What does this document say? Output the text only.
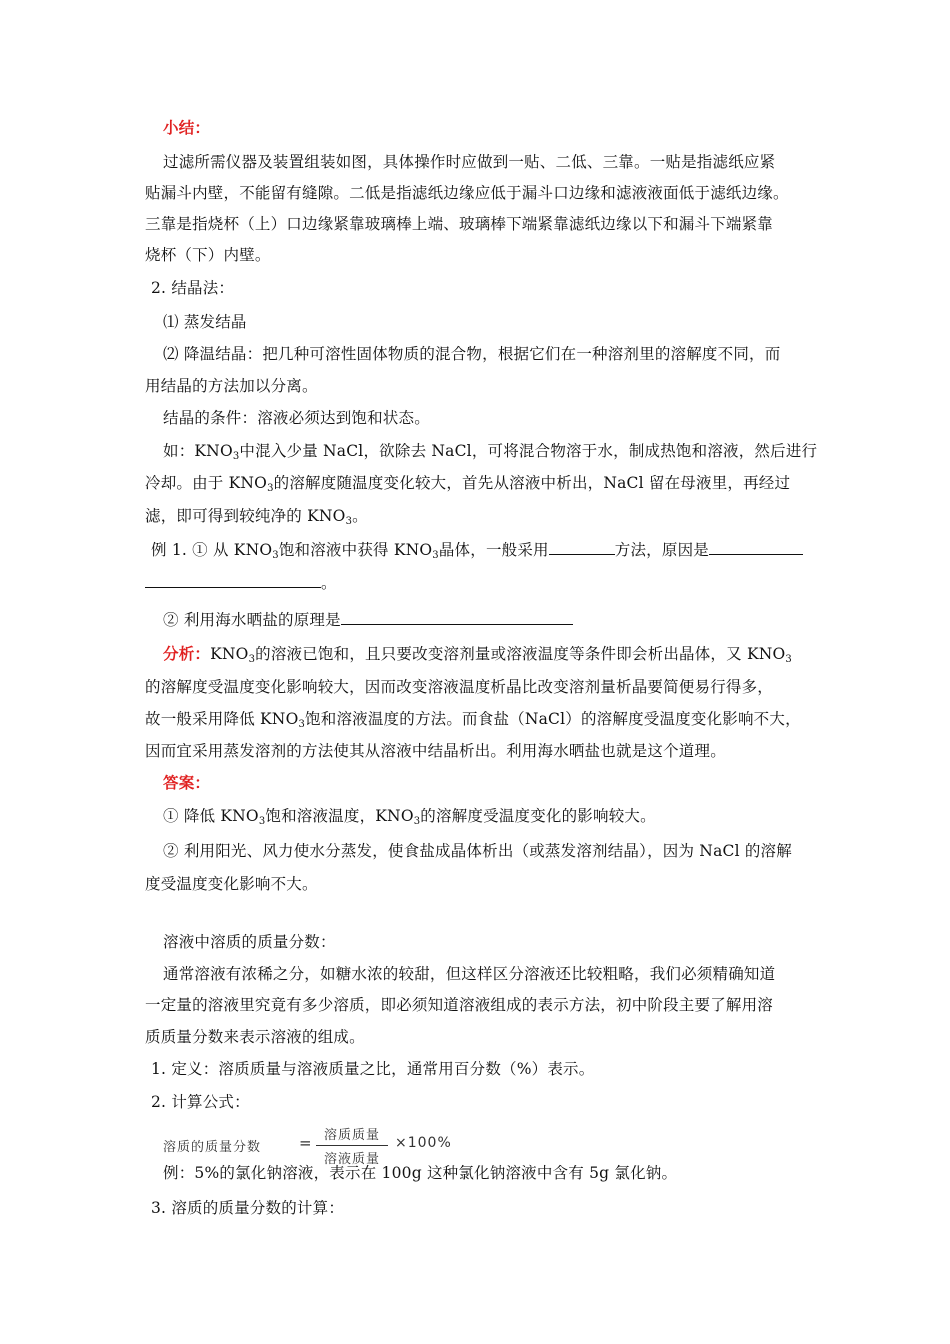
小结：
过滤所需仪器及装置组装如图，具体操作时应做到一贴、二低、三靠。一贴是指滤纸应紧
贴漏斗内壁，不能留有缝隙。二低是指滤纸边缘应低于漏斗口边缘和滤液液面低于滤纸边缘。
三靠是指烧杯（上）口边缘紧靠玻璃棒上端、玻璃棒下端紧靠滤纸边缘以下和漏斗下端紧靠
烧杯（下）内壁。
2. 结晶法：
⑴ 蒸发结晶
⑵ 降温结晶：把几种可溶性固体物质的混合物，根据它们在一种溶剂里的溶解度不同，而
用结晶的方法加以分离。
结晶的条件：溶液必须达到饱和状态。
如：$KNO_3$中混入少量 NaCl，欲除去 NaCl，可将混合物溶于水，制成热饱和溶液，然后进行
冷却。由于 $KNO_3$的溶解度随温度变化较大，首先从溶液中析出，NaCl 留在母液里，再经过
滤，即可得到较纯净的 $KNO_3$。
例 1. ① 从 $KNO_3$饱和溶液中获得 $KNO_3$晶体，一般采用	方法，原因是
。
② 利用海水晒盐的原理是
分析：$KNO_3$的溶液已饱和，且只要改变溶剂量或溶液温度等条件即会析出晶体，又 $KNO_3$
的溶解度受温度变化影响较大，因而改变溶液温度析晶比改变溶剂量析晶要简便易行得多，
故一般采用降低 $KNO_3$饱和溶液温度的方法。而食盐（NaCl）的溶解度受温度变化影响不大，
因而宜采用蒸发溶剂的方法使其从溶液中结晶析出。利用海水晒盐也就是这个道理。
答案：
① 降低 $KNO_3$饱和溶液温度，$KNO_3$的溶解度受温度变化的影响较大。
② 利用阳光、风力使水分蒸发，使食盐成晶体析出（或蒸发溶剂结晶），因为 NaCl 的溶解
度受温度变化影响不大。
溶液中溶质的质量分数：
通常溶液有浓稀之分，如糖水浓的较甜，但这样区分溶液还比较粗略，我们必须精确知道
一定量的溶液里究竟有多少溶质，即必须知道溶液组成的表示方法，初中阶段主要了解用溶
质质量分数来表示溶液的组成。
1. 定义：溶质质量与溶液质量之比，通常用百分数（%）表示。
2. 计算公式：
溶质的质量分数	= 溶质质量
溶液质量
×100%
例：5%的氯化钠溶液，表示在 100g 这种氯化钠溶液中含有 5g 氯化钠。
3. 溶质的质量分数的计算：
